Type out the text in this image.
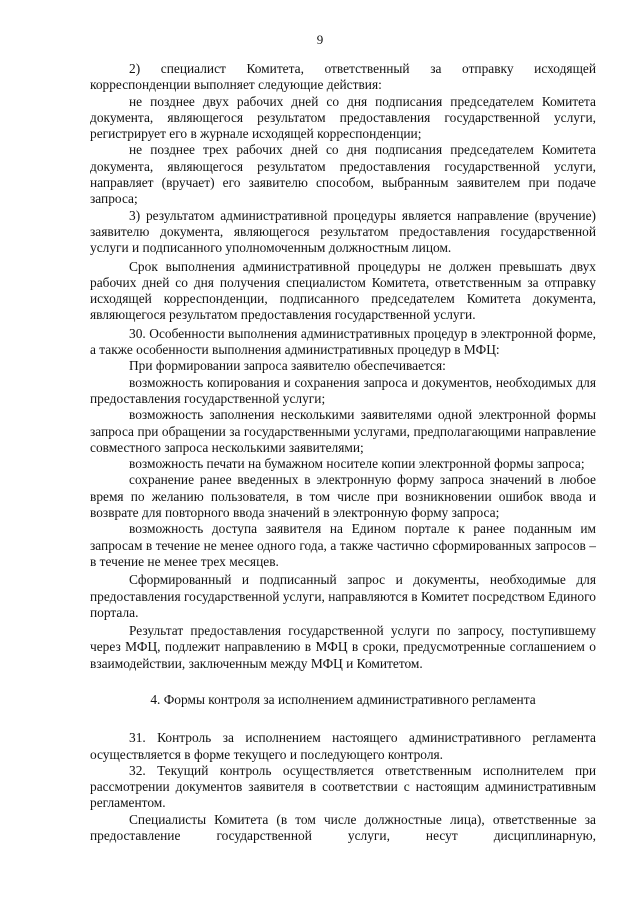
9

2) специалист Комитета, ответственный за отправку исходящей корреспонденции выполняет следующие действия:

не позднее двух рабочих дней со дня подписания председателем Комитета документа, являющегося результатом предоставления государственной услуги, регистрирует его в журнале исходящей корреспонденции;

не позднее трех рабочих дней со дня подписания председателем Комитета документа, являющегося результатом предоставления государственной услуги, направляет (вручает) его заявителю способом, выбранным заявителем при подаче запроса;

3) результатом административной процедуры является направление (вручение) заявителю документа, являющегося результатом предоставления государственной услуги и подписанного уполномоченным должностным лицом.

Срок выполнения административной процедуры не должен превышать двух рабочих дней со дня получения специалистом Комитета, ответственным за отправку исходящей корреспонденции, подписанного председателем Комитета документа, являющегося результатом предоставления государственной услуги.

30. Особенности выполнения административных процедур в электронной форме, а также особенности выполнения административных процедур в МФЦ:

При формировании запроса заявителю обеспечивается:

возможность копирования и сохранения запроса и документов, необходимых для предоставления государственной услуги;

возможность заполнения несколькими заявителями одной электронной формы запроса при обращении за государственными услугами, предполагающими направление совместного запроса несколькими заявителями;

возможность печати на бумажном носителе копии электронной формы запроса;

сохранение ранее введенных в электронную форму запроса значений в любое время по желанию пользователя, в том числе при возникновении ошибок ввода и возврате для повторного ввода значений в электронную форму запроса;

возможность доступа заявителя на Едином портале к ранее поданным им запросам в течение не менее одного года, а также частично сформированных запросов – в течение не менее трех месяцев.

Сформированный и подписанный запрос и документы, необходимые для предоставления государственной услуги, направляются в Комитет посредством Единого портала.

Результат предоставления государственной услуги по запросу, поступившему через МФЦ, подлежит направлению в МФЦ в сроки, предусмотренные соглашением о взаимодействии, заключенным между МФЦ и Комитетом.

4. Формы контроля за исполнением административного регламента

31. Контроль за исполнением настоящего административного регламента осуществляется в форме текущего и последующего контроля.

32. Текущий контроль осуществляется ответственным исполнителем при рассмотрении документов заявителя в соответствии с настоящим административным регламентом.

Специалисты Комитета (в том числе должностные лица), ответственные за предоставление государственной услуги, несут дисциплинарную,
